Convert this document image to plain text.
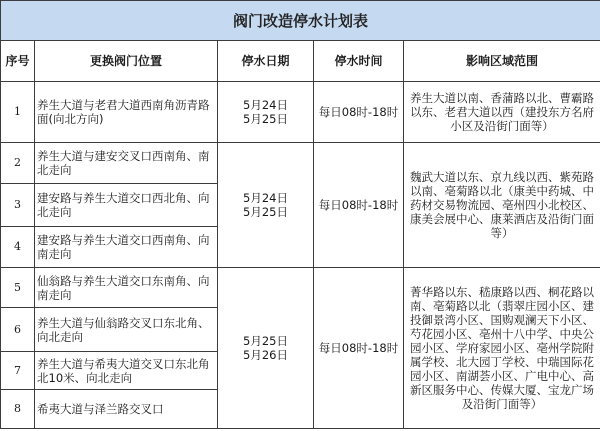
阀门改造停水计划表				
序号	更换阀门位置	停水日期	停水时间	影响区域范围
1	养生大道与老君大道西南角沥青路面(向北方向)	5月24日
5月25日	每日08时-18时	养生大道以南、香蒲路以北、曹霸路以东、老君大道以西（建投东方名府小区及沿街门面等）
2	养生大道与建安交叉口西南角、南北走向	5月24日
5月25日	每日08时-18时	魏武大道以东、京九线以西、紫苑路以南、亳菊路以北（康美中药城、中药材交易物流园、亳州四小北校区、康美会展中心、康莱酒店及沿街门面等）
3	建安路与养生大道交口西北角、向北走向			
4	建安路与养生大道交口西南角、向南走向			
5	仙翁路与养生大道交口东南角、向南走向	5月25日
5月26日	每日08时-18时	菁华路以东、嵇康路以西、桐花路以南、亳菊路以北（翡翠庄园小区、建投御景湾小区、国购观澜天下小区、芍花园小区、亳州十八中学、中央公园小区、学府家园小区、亳州学院附属学校、北大园丁学校、中瑞国际花园小区、南湖荟小区、广电中心、高新区服务中心、传媒大厦、宝龙广场及沿街门面等）
6	养生大道与仙翁路交叉口东北角、向北走向			
7	养生大道与希夷大道交叉口东北角北10米、向北走向			
8	希夷大道与泽兰路交叉口			
